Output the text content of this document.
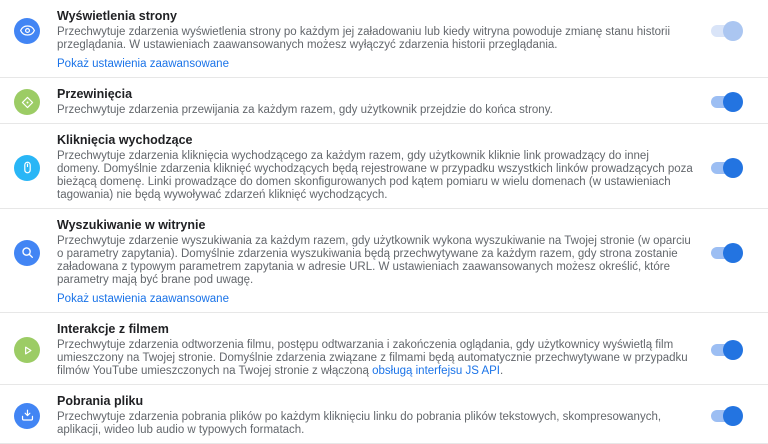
Wyświetlenia strony

Przechwytuje zdarzenia wyświetlenia strony po każdym jej załadowaniu lub kiedy witryna powoduje zmianę stanu historii przeglądania. W ustawieniach zaawansowanych możesz wyłączyć zdarzenia historii przeglądania.

Pokaż ustawienia zaawansowane

Przewinięcia

Przechwytuje zdarzenia przewijania za każdym razem, gdy użytkownik przejdzie do końca strony.

Kliknięcia wychodzące

Przechwytuje zdarzenia kliknięcia wychodzącego za każdym razem, gdy użytkownik kliknie link prowadzący do innej domeny. Domyślnie zdarzenia kliknięć wychodzących będą rejestrowane w przypadku wszystkich linków prowadzących poza bieżącą domenę. Linki prowadzące do domen skonfigurowanych pod kątem pomiaru w wielu domenach (w ustawieniach tagowania) nie będą wywoływać zdarzeń kliknięć wychodzących.

Wyszukiwanie w witrynie

Przechwytuje zdarzenie wyszukiwania za każdym razem, gdy użytkownik wykona wyszukiwanie na Twojej stronie (w oparciu o parametry zapytania). Domyślnie zdarzenia wyszukiwania będą przechwytywane za każdym razem, gdy strona zostanie załadowana z typowym parametrem zapytania w adresie URL. W ustawieniach zaawansowanych możesz określić, które parametry mają być brane pod uwagę.

Pokaż ustawienia zaawansowane

Interakcje z filmem

Przechwytuje zdarzenia odtworzenia filmu, postępu odtwarzania i zakończenia oglądania, gdy użytkownicy wyświetlą film umieszczony na Twojej stronie. Domyślnie zdarzenia związane z filmami będą automatycznie przechwytywane w przypadku filmów YouTube umieszczonych na Twojej stronie z włączoną obsługą interfejsu JS API.

Pobrania pliku

Przechwytuje zdarzenia pobrania plików po każdym kliknięciu linku do pobrania plików tekstowych, skompresowanych, aplikacji, wideo lub audio w typowych formatach.
